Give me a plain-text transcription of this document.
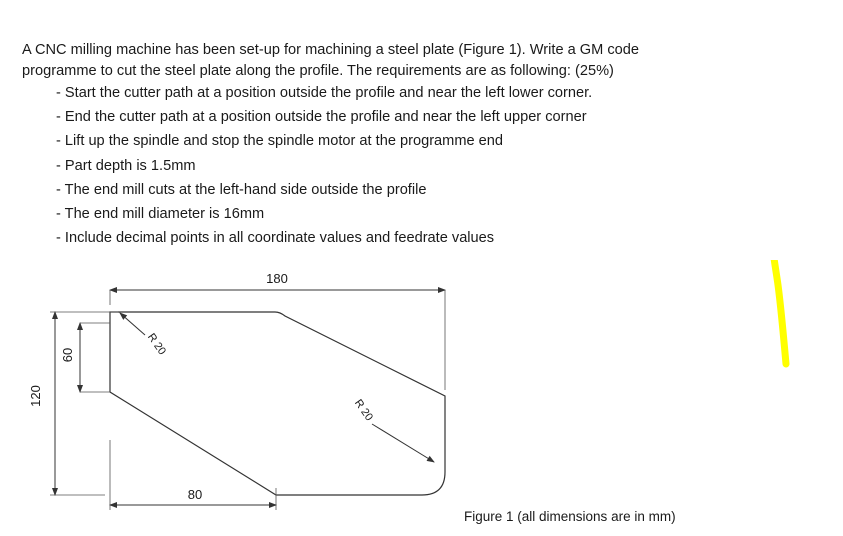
A CNC milling machine has been set-up for machining a steel plate (Figure 1). Write a GM code

programme to cut the steel plate along the profile. The requirements are as following: (25%)

- Start the cutter path at a position outside the profile and near the left lower corner.
- End the cutter path at a position outside the profile and near the left upper corner
- Lift up the spindle and stop the spindle motor at the programme end
- Part depth is 1.5mm
- The end mill cuts at the left-hand side outside the profile
- The end mill diameter is 16mm
- Include decimal points in all coordinate values and feedrate values
180
120
60
80
R 20
R 20
Figure 1 (all dimensions are in mm)
